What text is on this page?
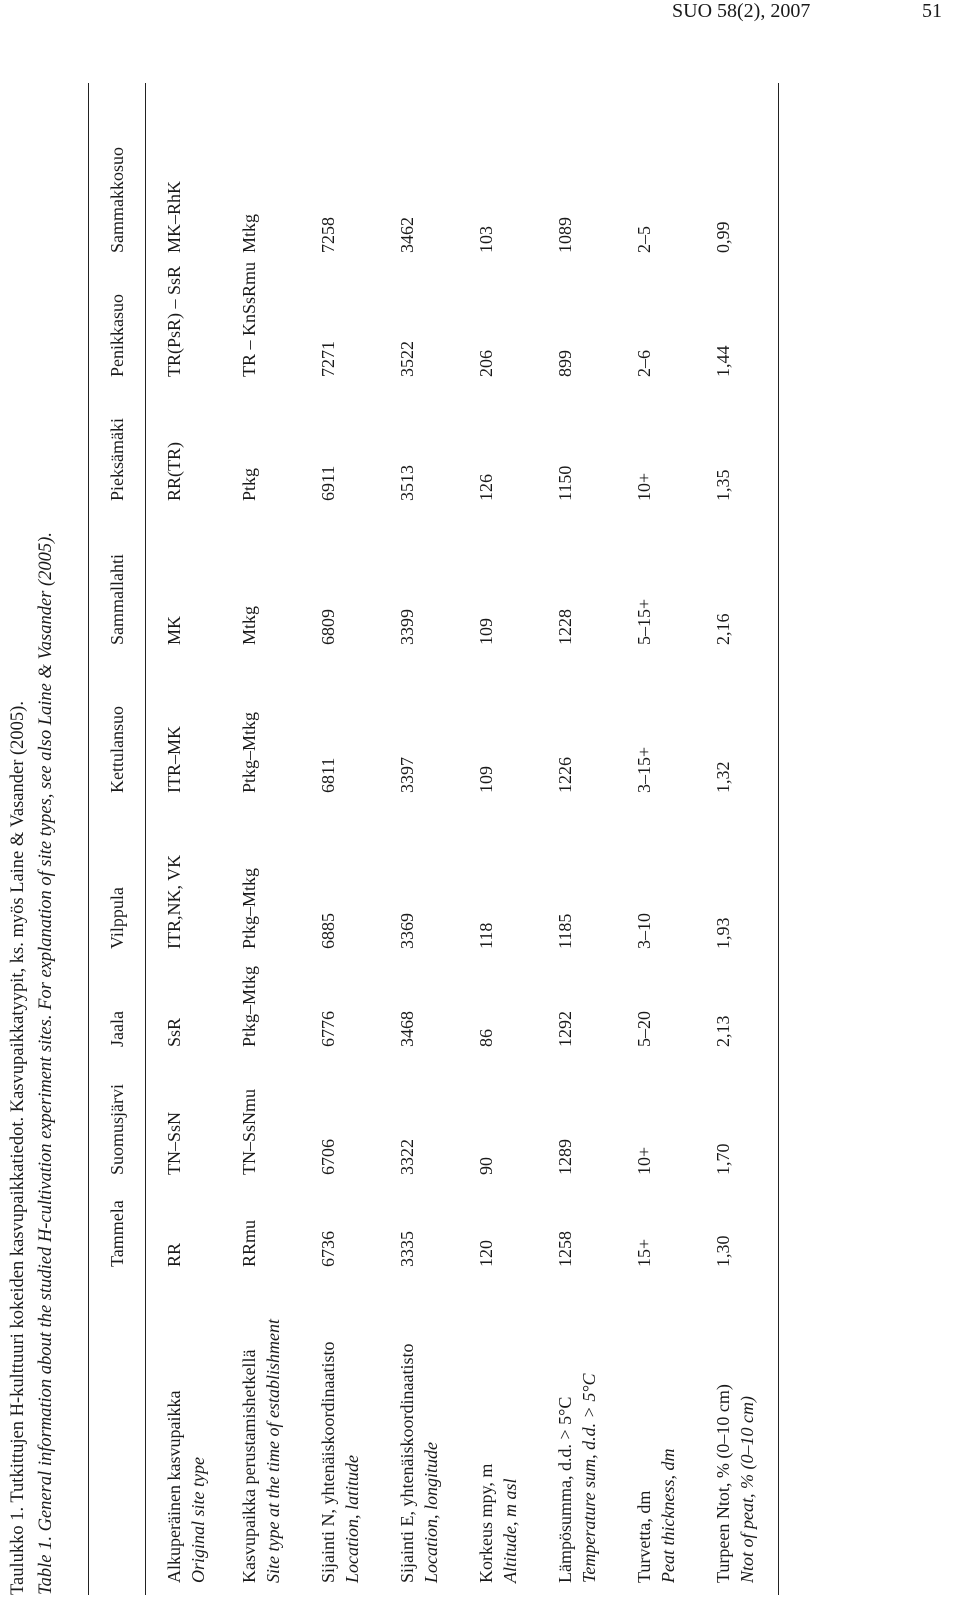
SUO 58(2), 2007	51
Taulukko 1. Tutkittujen H-kulttuuri kokeiden kasvupaikkatiedot. Kasvupaikkatyypit, ks. myös Laine & Vasander (2005). Table 1. General information about the studied H-cultivation experiment sites. For explanation of site types, see also Laine & Vasander (2005).	Tammela
Suomusjärvi
Jaala
Vilppula
Kettulansuo
Sammallahti
Pieksämäki
Penikkasuo
Sammakkosuo
Alkuperäinen kasvupaikka Original site type
RR
TN–SsN
SsR
ITR,NK, VK
ITR–MK
MK
RR(TR)
TR(PsR) – SsR
MK–RhK
Kasvupaikka perustamishetkellä Site type at the time of establishment
RRmu
TN–SsNmu
Ptkg–Mtkg
Ptkg–Mtkg
Ptkg–Mtkg
Mtkg
Ptkg
TR – KnSsRmu
Mtkg
Sijainti N, yhtenäiskoordinaatisto Location, latitude
6736
6706
6776
6885
6811
6809
6911
7271
7258
Sijainti E, yhtenäiskoordinaatisto Location, longitude
3335
3322
3468
3369
3397
3399
3513
3522
3462
Korkeus mpy, m Altitude, m asl
120
90
86
118
109
109
126
206
103
Lämpösumma, d.d. > 5°C Temperature sum, d.d. > 5°C
1258
1289
1292
1185
1226
1228
1150
899
1089
Turvetta, dm Peat thickness, dm
15+
10+
5–20
3–10
3–15+
5–15+
10+
2–6
2–5
Turpeen Ntot, % (0–10 cm) Ntot of peat, % (0–10 cm)
1,30
1,70
2,13
1,93
1,32
2,16
1,35
1,44
0,99
